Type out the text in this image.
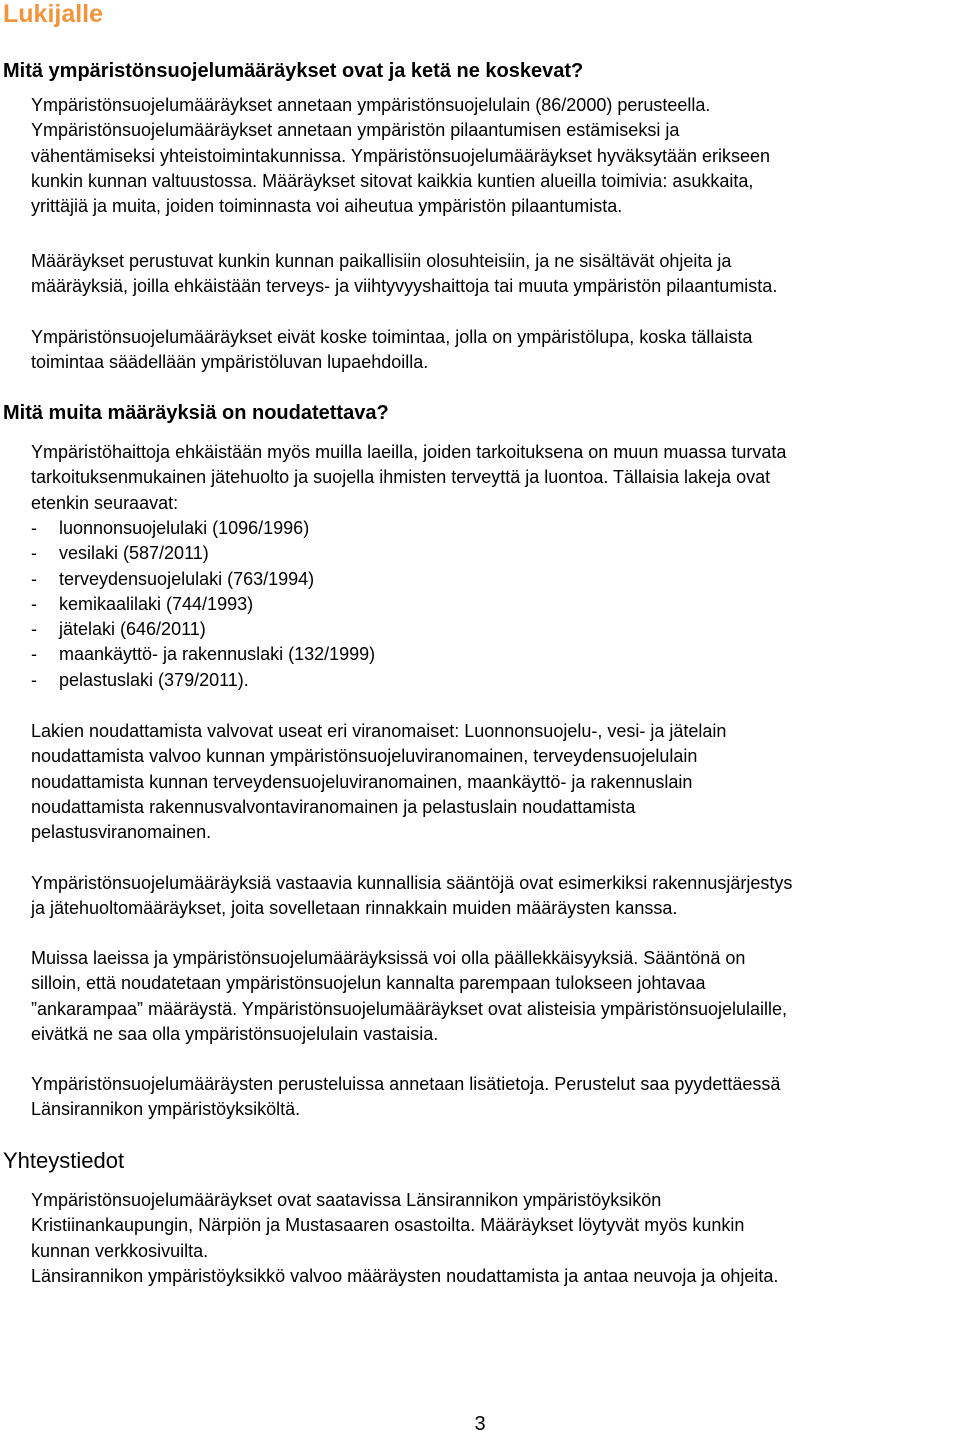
Lukijalle
Mitä ympäristönsuojelumääräykset ovat ja ketä ne koskevat?

Ympäristönsuojelumääräykset annetaan ympäristönsuojelulain (86/2000) perusteella.
Ympäristönsuojelumääräykset annetaan ympäristön pilaantumisen estämiseksi ja
vähentämiseksi yhteistoimintakunnissa. Ympäristönsuojelumääräykset hyväksytään erikseen
kunkin kunnan valtuustossa. Määräykset sitovat kaikkia kuntien alueilla toimivia: asukkaita,
yrittäjiä ja muita, joiden toiminnasta voi aiheutua ympäristön pilaantumista.

Määräykset perustuvat kunkin kunnan paikallisiin olosuhteisiin, ja ne sisältävät ohjeita ja
määräyksiä, joilla ehkäistään terveys- ja viihtyvyyshaittoja tai muuta ympäristön pilaantumista.

Ympäristönsuojelumääräykset eivät koske toimintaa, jolla on ympäristölupa, koska tällaista
toimintaa säädellään ympäristöluvan lupaehdoilla.

Mitä muita määräyksiä on noudatettava?

Ympäristöhaittoja ehkäistään myös muilla laeilla, joiden tarkoituksena on muun muassa turvata
tarkoituksenmukainen jätehuolto ja suojella ihmisten terveyttä ja luontoa. Tällaisia lakeja ovat
etenkin seuraavat:

- luonnonsuojelulaki (1096/1996)
- vesilaki (587/2011)
- terveydensuojelulaki (763/1994)
- kemikaalilaki (744/1993)
- jätelaki (646/2011)
- maankäyttö- ja rakennuslaki (132/1999)
- pelastuslaki (379/2011).

Lakien noudattamista valvovat useat eri viranomaiset: Luonnonsuojelu-, vesi- ja jätelain
noudattamista valvoo kunnan ympäristönsuojeluviranomainen, terveydensuojelulain
noudattamista kunnan terveydensuojeluviranomainen, maankäyttö- ja rakennuslain
noudattamista rakennusvalvontaviranomainen ja pelastuslain noudattamista
pelastusviranomainen.

Ympäristönsuojelumääräyksiä vastaavia kunnallisia sääntöjä ovat esimerkiksi rakennusjärjestys
ja jätehuoltomääräykset, joita sovelletaan rinnakkain muiden määräysten kanssa.

Muissa laeissa ja ympäristönsuojelumääräyksissä voi olla päällekkäisyyksiä. Sääntönä on
silloin, että noudatetaan ympäristönsuojelun kannalta parempaan tulokseen johtavaa
”ankarampaa” määräystä. Ympäristönsuojelumääräykset ovat alisteisia ympäristönsuojelulaille,
eivätkä ne saa olla ympäristönsuojelulain vastaisia.

Ympäristönsuojelumääräysten perusteluissa annetaan lisätietoja. Perustelut saa pyydettäessä
Länsirannikon ympäristöyksiköltä.

Yhteystiedot

Ympäristönsuojelumääräykset ovat saatavissa Länsirannikon ympäristöyksikön
Kristiinankaupungin, Närpiön ja Mustasaaren osastoilta. Määräykset löytyvät myös kunkin
kunnan verkkosivuilta.
Länsirannikon ympäristöyksikkö valvoo määräysten noudattamista ja antaa neuvoja ja ohjeita.

3
